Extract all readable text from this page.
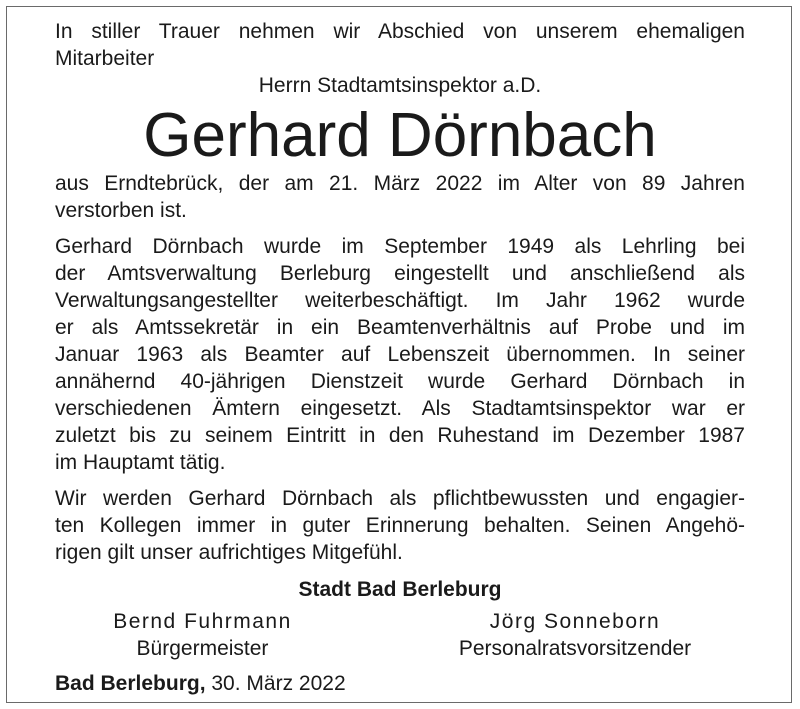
In stiller Trauer nehmen wir Abschied von unserem ehemaligen
Mitarbeiter
Herrn Stadtamtsinspektor a.D.
Gerhard Dörnbach
aus Erndtebrück, der am 21. März 2022 im Alter von 89 Jahren
verstorben ist.
Gerhard Dörnbach wurde im September 1949 als Lehrling bei
der Amtsverwaltung Berleburg eingestellt und anschließend als
Verwaltungsangestellter weiterbeschäftigt. Im Jahr 1962 wurde
er als Amtssekretär in ein Beamtenverhältnis auf Probe und im
Januar 1963 als Beamter auf Lebenszeit übernommen. In seiner
annähernd 40-jährigen Dienstzeit wurde Gerhard Dörnbach in
verschiedenen Ämtern eingesetzt. Als Stadtamtsinspektor war er
zuletzt bis zu seinem Eintritt in den Ruhestand im Dezember 1987
im Hauptamt tätig.
Wir werden Gerhard Dörnbach als pflichtbewussten und engagier-
ten Kollegen immer in guter Erinnerung behalten. Seinen Angehö-
rigen gilt unser aufrichtiges Mitgefühl.
Stadt Bad Berleburg
Bernd Fuhrmann
Bürgermeister
Jörg Sonneborn
Personalratsvorsitzender
Bad Berleburg, 30. März 2022
